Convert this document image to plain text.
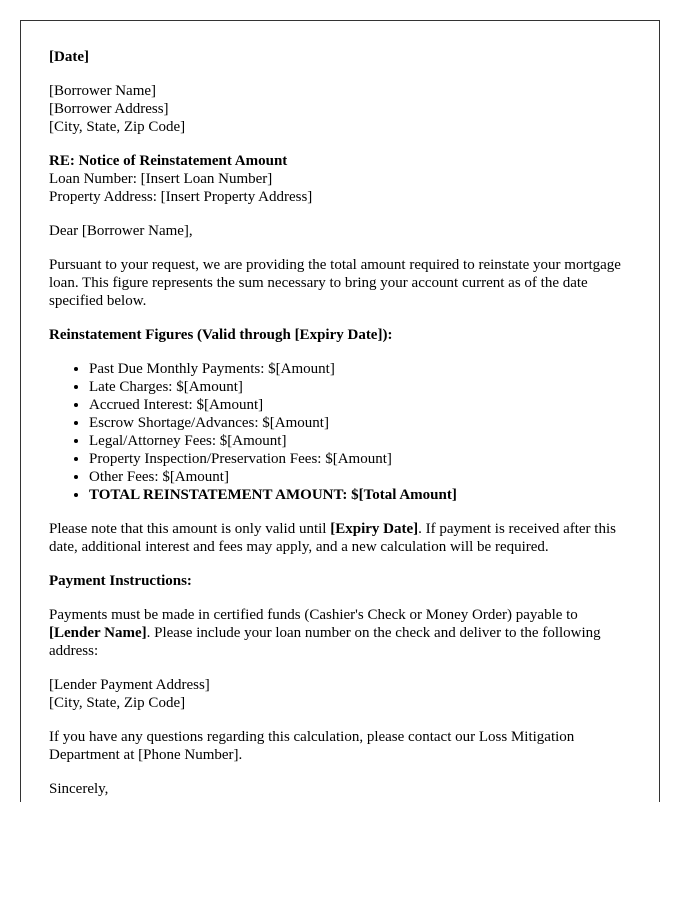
[Date]

[Borrower Name]
[Borrower Address]
[City, State, Zip Code]

RE: Notice of Reinstatement Amount
Loan Number: [Insert Loan Number]
Property Address: [Insert Property Address]

Dear [Borrower Name],

Pursuant to your request, we are providing the total amount required to reinstate your mortgage loan. This figure represents the sum necessary to bring your account current as of the date specified below.

Reinstatement Figures (Valid through [Expiry Date]):

• Past Due Monthly Payments: $[Amount]
• Late Charges: $[Amount]
• Accrued Interest: $[Amount]
• Escrow Shortage/Advances: $[Amount]
• Legal/Attorney Fees: $[Amount]
• Property Inspection/Preservation Fees: $[Amount]
• Other Fees: $[Amount]
• TOTAL REINSTATEMENT AMOUNT: $[Total Amount]

Please note that this amount is only valid until [Expiry Date]. If payment is received after this date, additional interest and fees may apply, and a new calculation will be required.

Payment Instructions:

Payments must be made in certified funds (Cashier's Check or Money Order) payable to [Lender Name]. Please include your loan number on the check and deliver to the following address:

[Lender Payment Address]
[City, State, Zip Code]

If you have any questions regarding this calculation, please contact our Loss Mitigation Department at [Phone Number].

Sincerely,
